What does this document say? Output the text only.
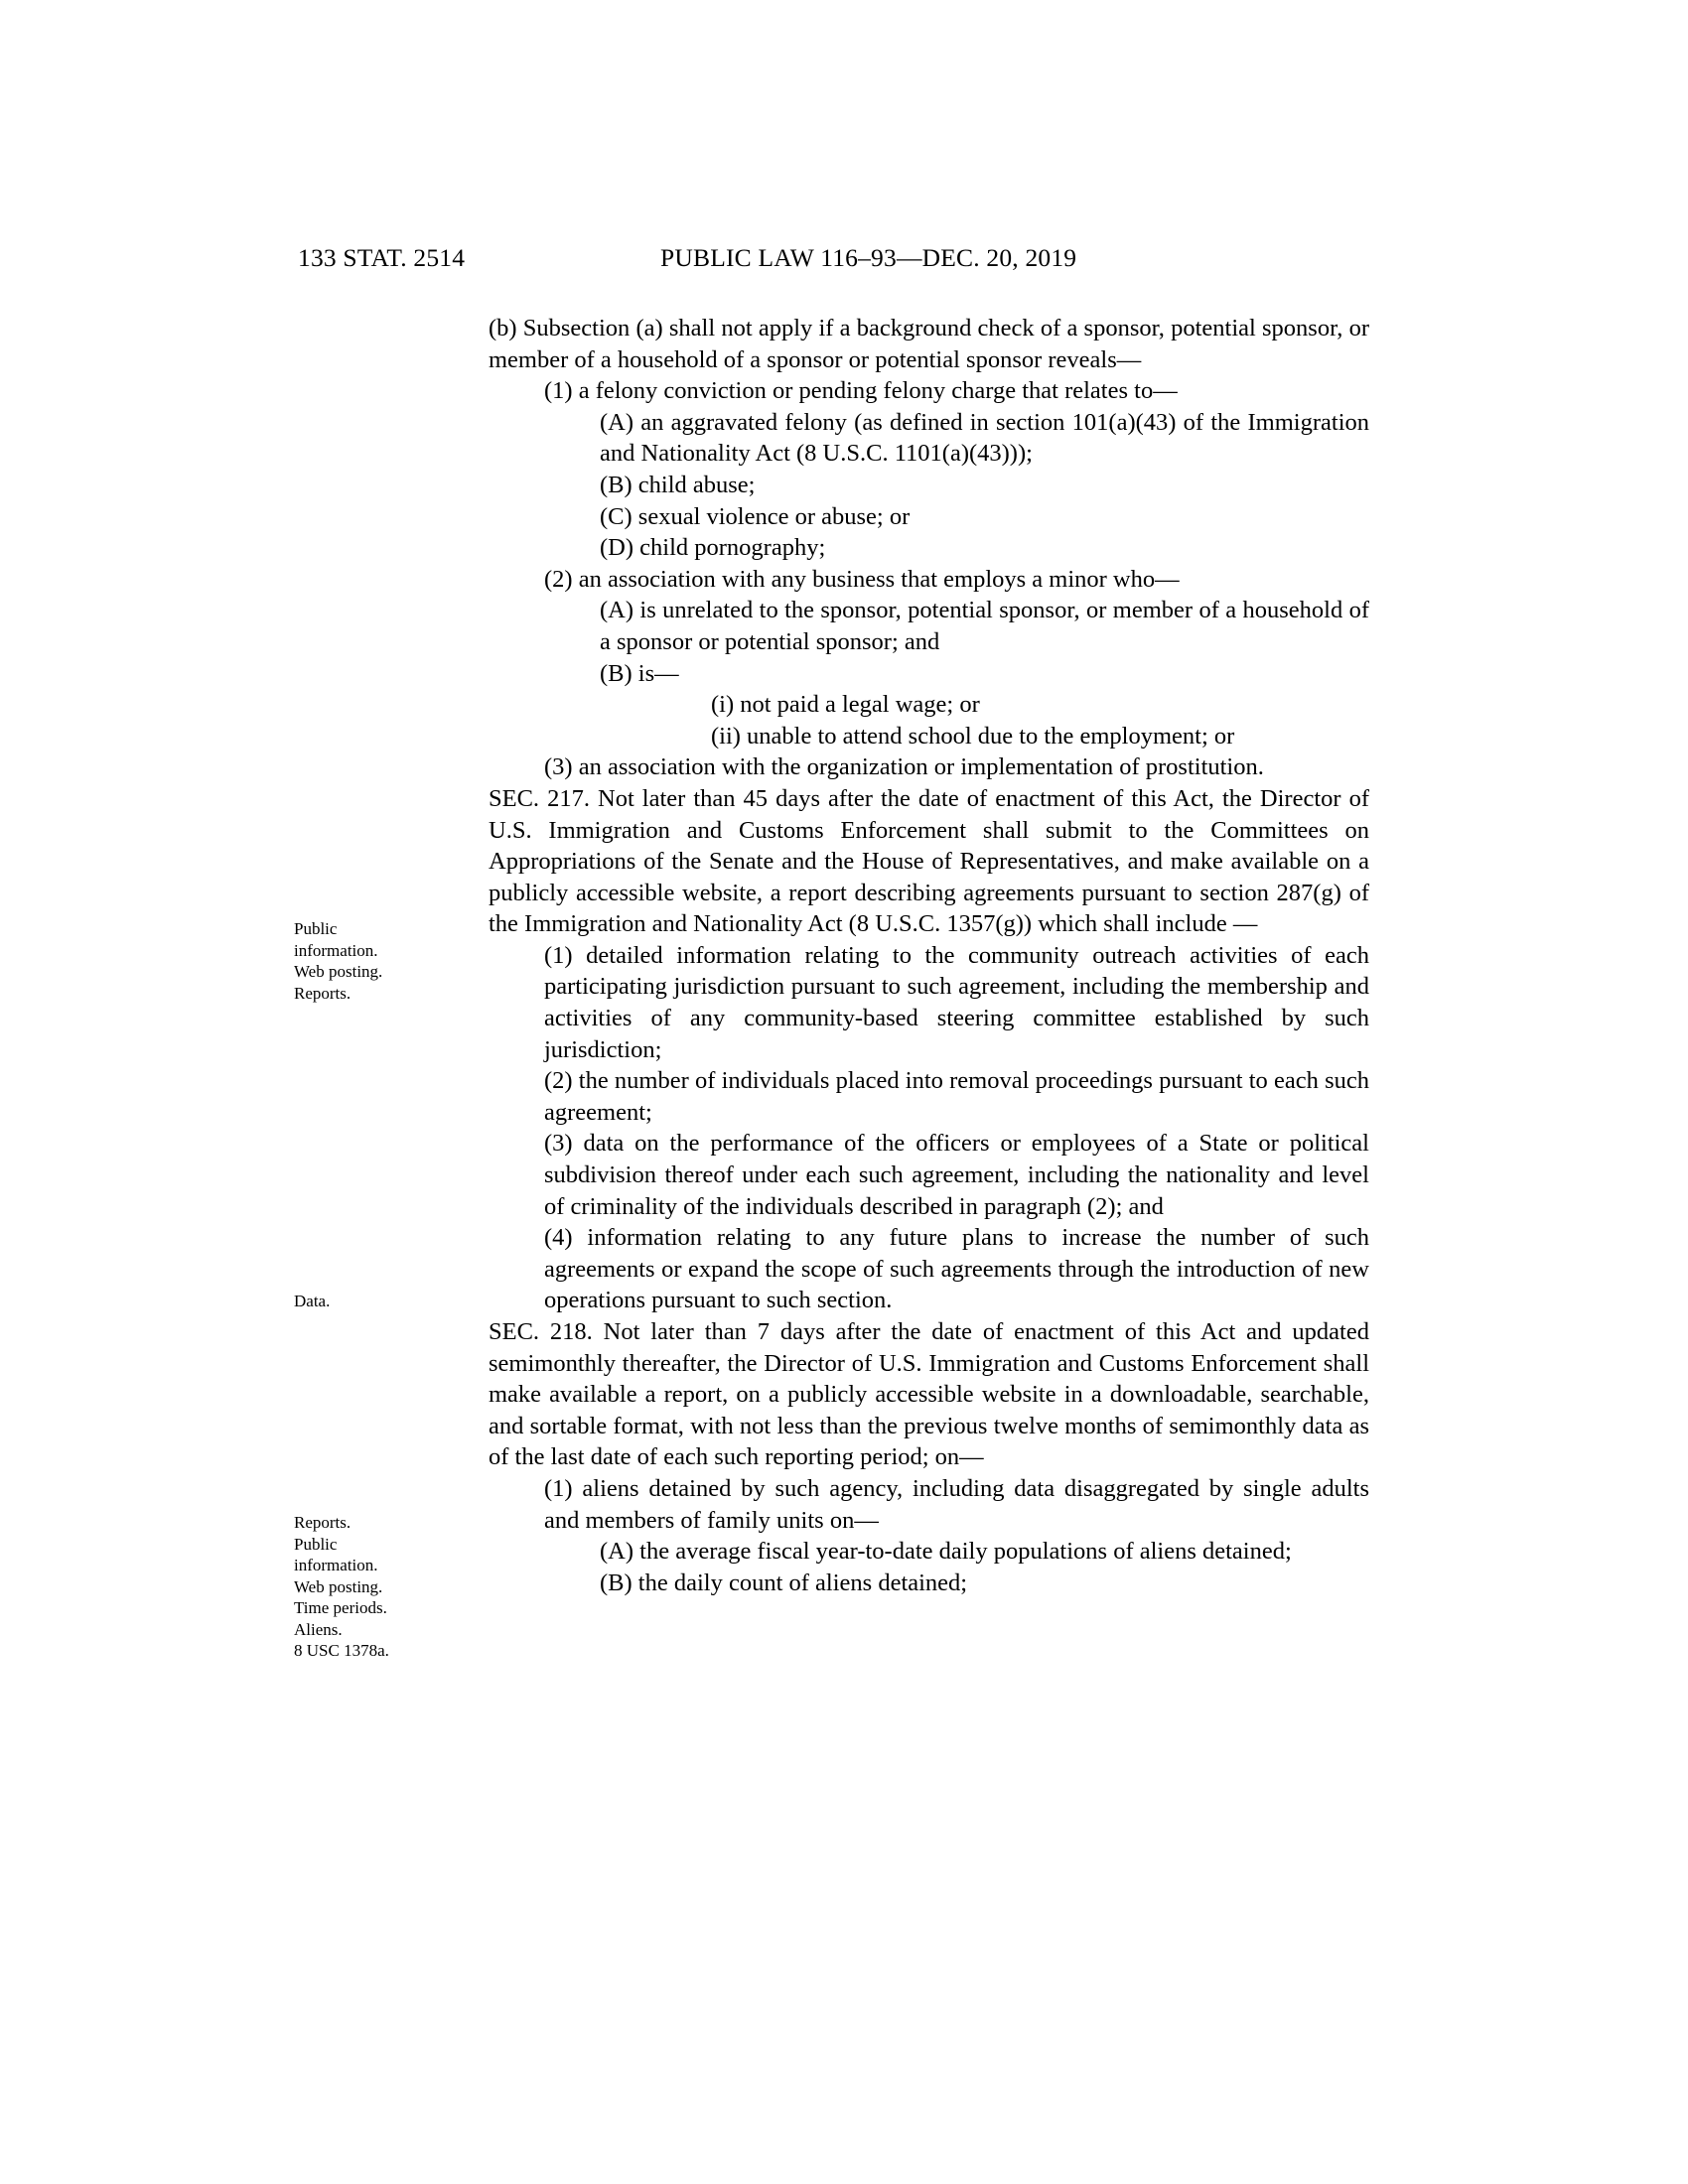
133 STAT. 2514	PUBLIC LAW 116–93—DEC. 20, 2019
Public
information.
Web posting.
Reports.
Data.
Reports.
Public
information.
Web posting.
Time periods.
Aliens.
8 USC 1378a.

(b) Subsection (a) shall not apply if a background check of a sponsor, potential sponsor, or member of a household of a sponsor or potential sponsor reveals—

(1) a felony conviction or pending felony charge that relates to—

(A) an aggravated felony (as defined in section 101(a)(43) of the Immigration and Nationality Act (8 U.S.C. 1101(a)(43)));

(B) child abuse;

(C) sexual violence or abuse; or

(D) child pornography;

(2) an association with any business that employs a minor who—

(A) is unrelated to the sponsor, potential sponsor, or member of a household of a sponsor or potential sponsor; and

(B) is—

(i) not paid a legal wage; or

(ii) unable to attend school due to the employment; or

(3) an association with the organization or implementation of prostitution.

SEC. 217. Not later than 45 days after the date of enactment of this Act, the Director of U.S. Immigration and Customs Enforcement shall submit to the Committees on Appropriations of the Senate and the House of Representatives, and make available on a publicly accessible website, a report describing agreements pursuant to section 287(g) of the Immigration and Nationality Act (8 U.S.C. 1357(g)) which shall include —

(1) detailed information relating to the community outreach activities of each participating jurisdiction pursuant to such agreement, including the membership and activities of any community-based steering committee established by such jurisdiction;

(2) the number of individuals placed into removal proceedings pursuant to each such agreement;

(3) data on the performance of the officers or employees of a State or political subdivision thereof under each such agreement, including the nationality and level of criminality of the individuals described in paragraph (2); and

(4) information relating to any future plans to increase the number of such agreements or expand the scope of such agreements through the introduction of new operations pursuant to such section.

SEC. 218. Not later than 7 days after the date of enactment of this Act and updated semimonthly thereafter, the Director of U.S. Immigration and Customs Enforcement shall make available a report, on a publicly accessible website in a downloadable, searchable, and sortable format, with not less than the previous twelve months of semimonthly data as of the last date of each such reporting period; on—

(1) aliens detained by such agency, including data disaggregated by single adults and members of family units on—

(A) the average fiscal year-to-date daily populations of aliens detained;

(B) the daily count of aliens detained;
